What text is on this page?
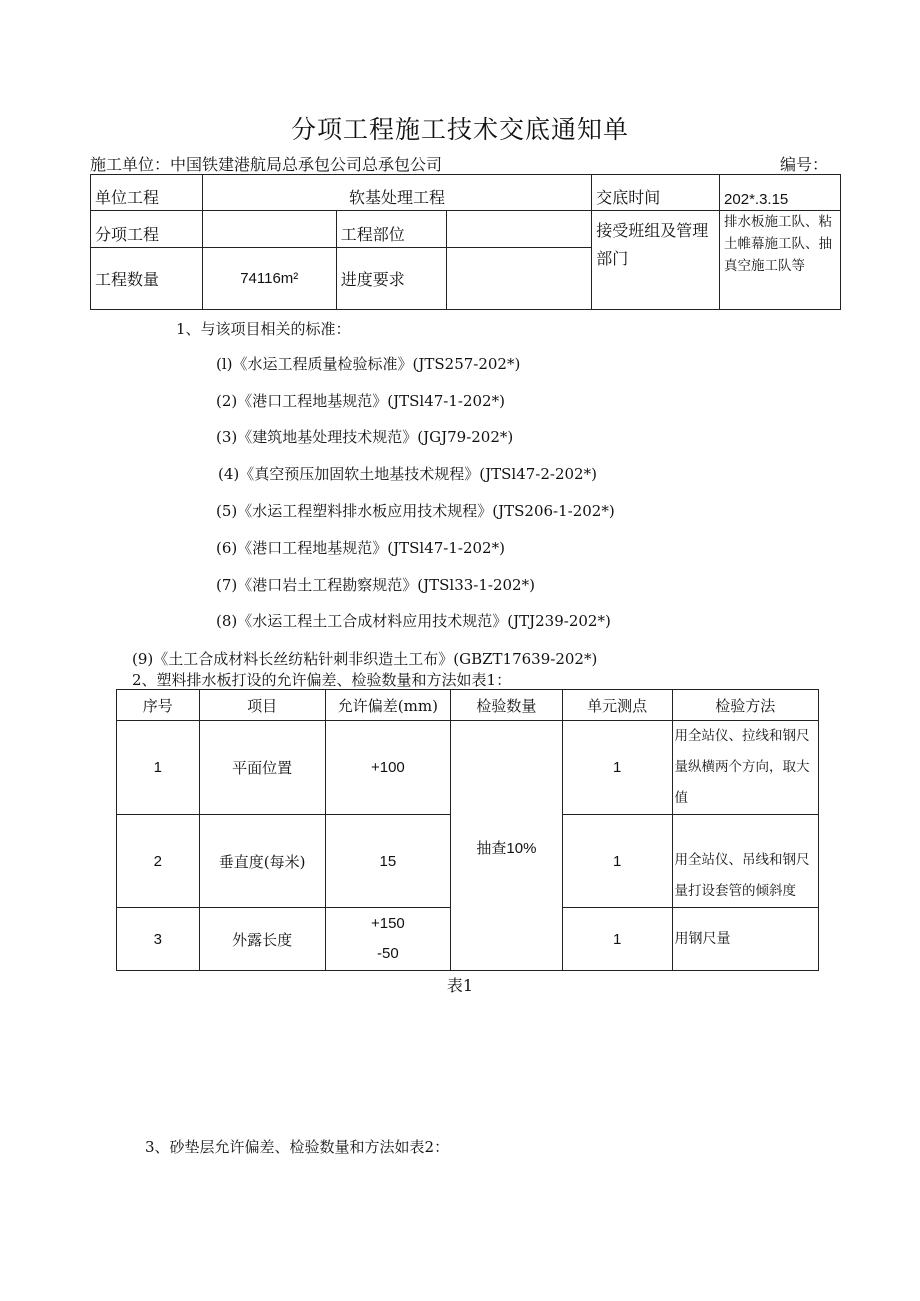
分项工程施工技术交底通知单
施工单位：中国铁建港航局总承包公司总承包公司	编号：
单位工程	软基处理工程			交底时间	202*.3.15
分项工程		工程部位		接受班组及管理部门	排水板施工队、粘土帷幕施工队、抽真空施工队等
工程数量	74116m²	进度要求			
1、与该项目相关的标准：
(l)《水运工程质量检验标准》(JTS257-202*)
(2)《港口工程地基规范》(JTSl47-1-202*)
(3)《建筑地基处理技术规范》(JGJ79-202*)
(4)《真空预压加固软土地基技术规程》(JTSl47-2-202*)
(5)《水运工程塑料排水板应用技术规程》(JTS206-1-202*)
(6)《港口工程地基规范》(JTSl47-1-202*)
(7)《港口岩土工程勘察规范》(JTSl33-1-202*)
(8)《水运工程土工合成材料应用技术规范》(JTJ239-202*)
(9)《土工合成材料长丝纺粘针刺非织造土工布》(GBZT17639-202*)
2、塑料排水板打设的允许偏差、检验数量和方法如表1：
序号	项目	允许偏差(mm)	检验数量	单元测点	检验方法
1	平面位置	+100	抽查10%	1	用全站仪、拉线和钢尺量纵横两个方向，取大值
2	垂直度(每米)	15		1	用全站仪、吊线和钢尺量打设套管的倾斜度
3	外露长度	+150
-50		1	用钢尺量
表1
3、砂垫层允许偏差、检验数量和方法如表2：
